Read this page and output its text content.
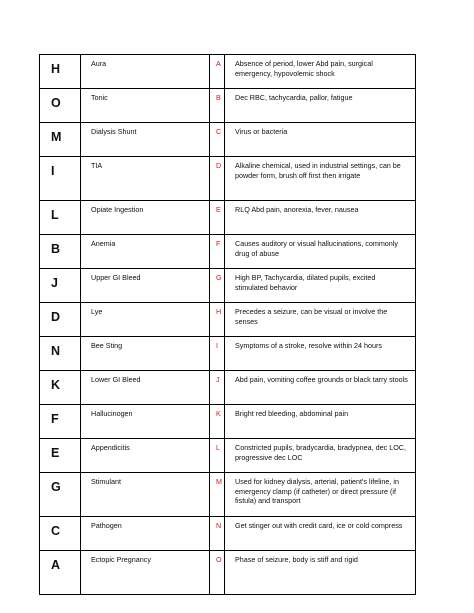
H	Aura	A	Absence of period, lower Abd pain, surgical emergency, hypovolemic shock

O	Tonic	B	Dec RBC, tachycardia, pallor, fatigue

M	Dialysis Shunt	C	Virus or bacteria

I	TIA	D	Alkaline chemical, used in industrial settings, can be powder form, brush off first then irrigate

L	Opiate Ingestion	E	RLQ Abd pain, anorexia, fever, nausea

B	Anemia	F	Causes auditory or visual hallucinations, commonly drug of abuse

J	Upper GI Bleed	G	High BP, Tachycardia, dilated pupils, excited stimulated behavior

D	Lye	H	Precedes a seizure, can be visual or involve the senses

N	Bee Sting	I	Symptoms of a stroke, resolve within 24 hours

K	Lower GI Bleed	J	Abd pain, vomiting coffee grounds or black tarry stools

F	Hallucinogen	K	Bright red bleeding, abdominal pain

E	Appendicitis	L	Constricted pupils, bradycardia, bradypnea, dec LOC, progressive dec LOC

G	Stimulant	M	Used for kidney dialysis, arterial, patient's lifeline, in emergency clamp (if catheter) or direct pressure (if fistula) and transport

C	Pathogen	N	Get stinger out with credit card, ice or cold compress

A	Ectopic Pregnancy	O	Phase of seizure, body is stiff and rigid
